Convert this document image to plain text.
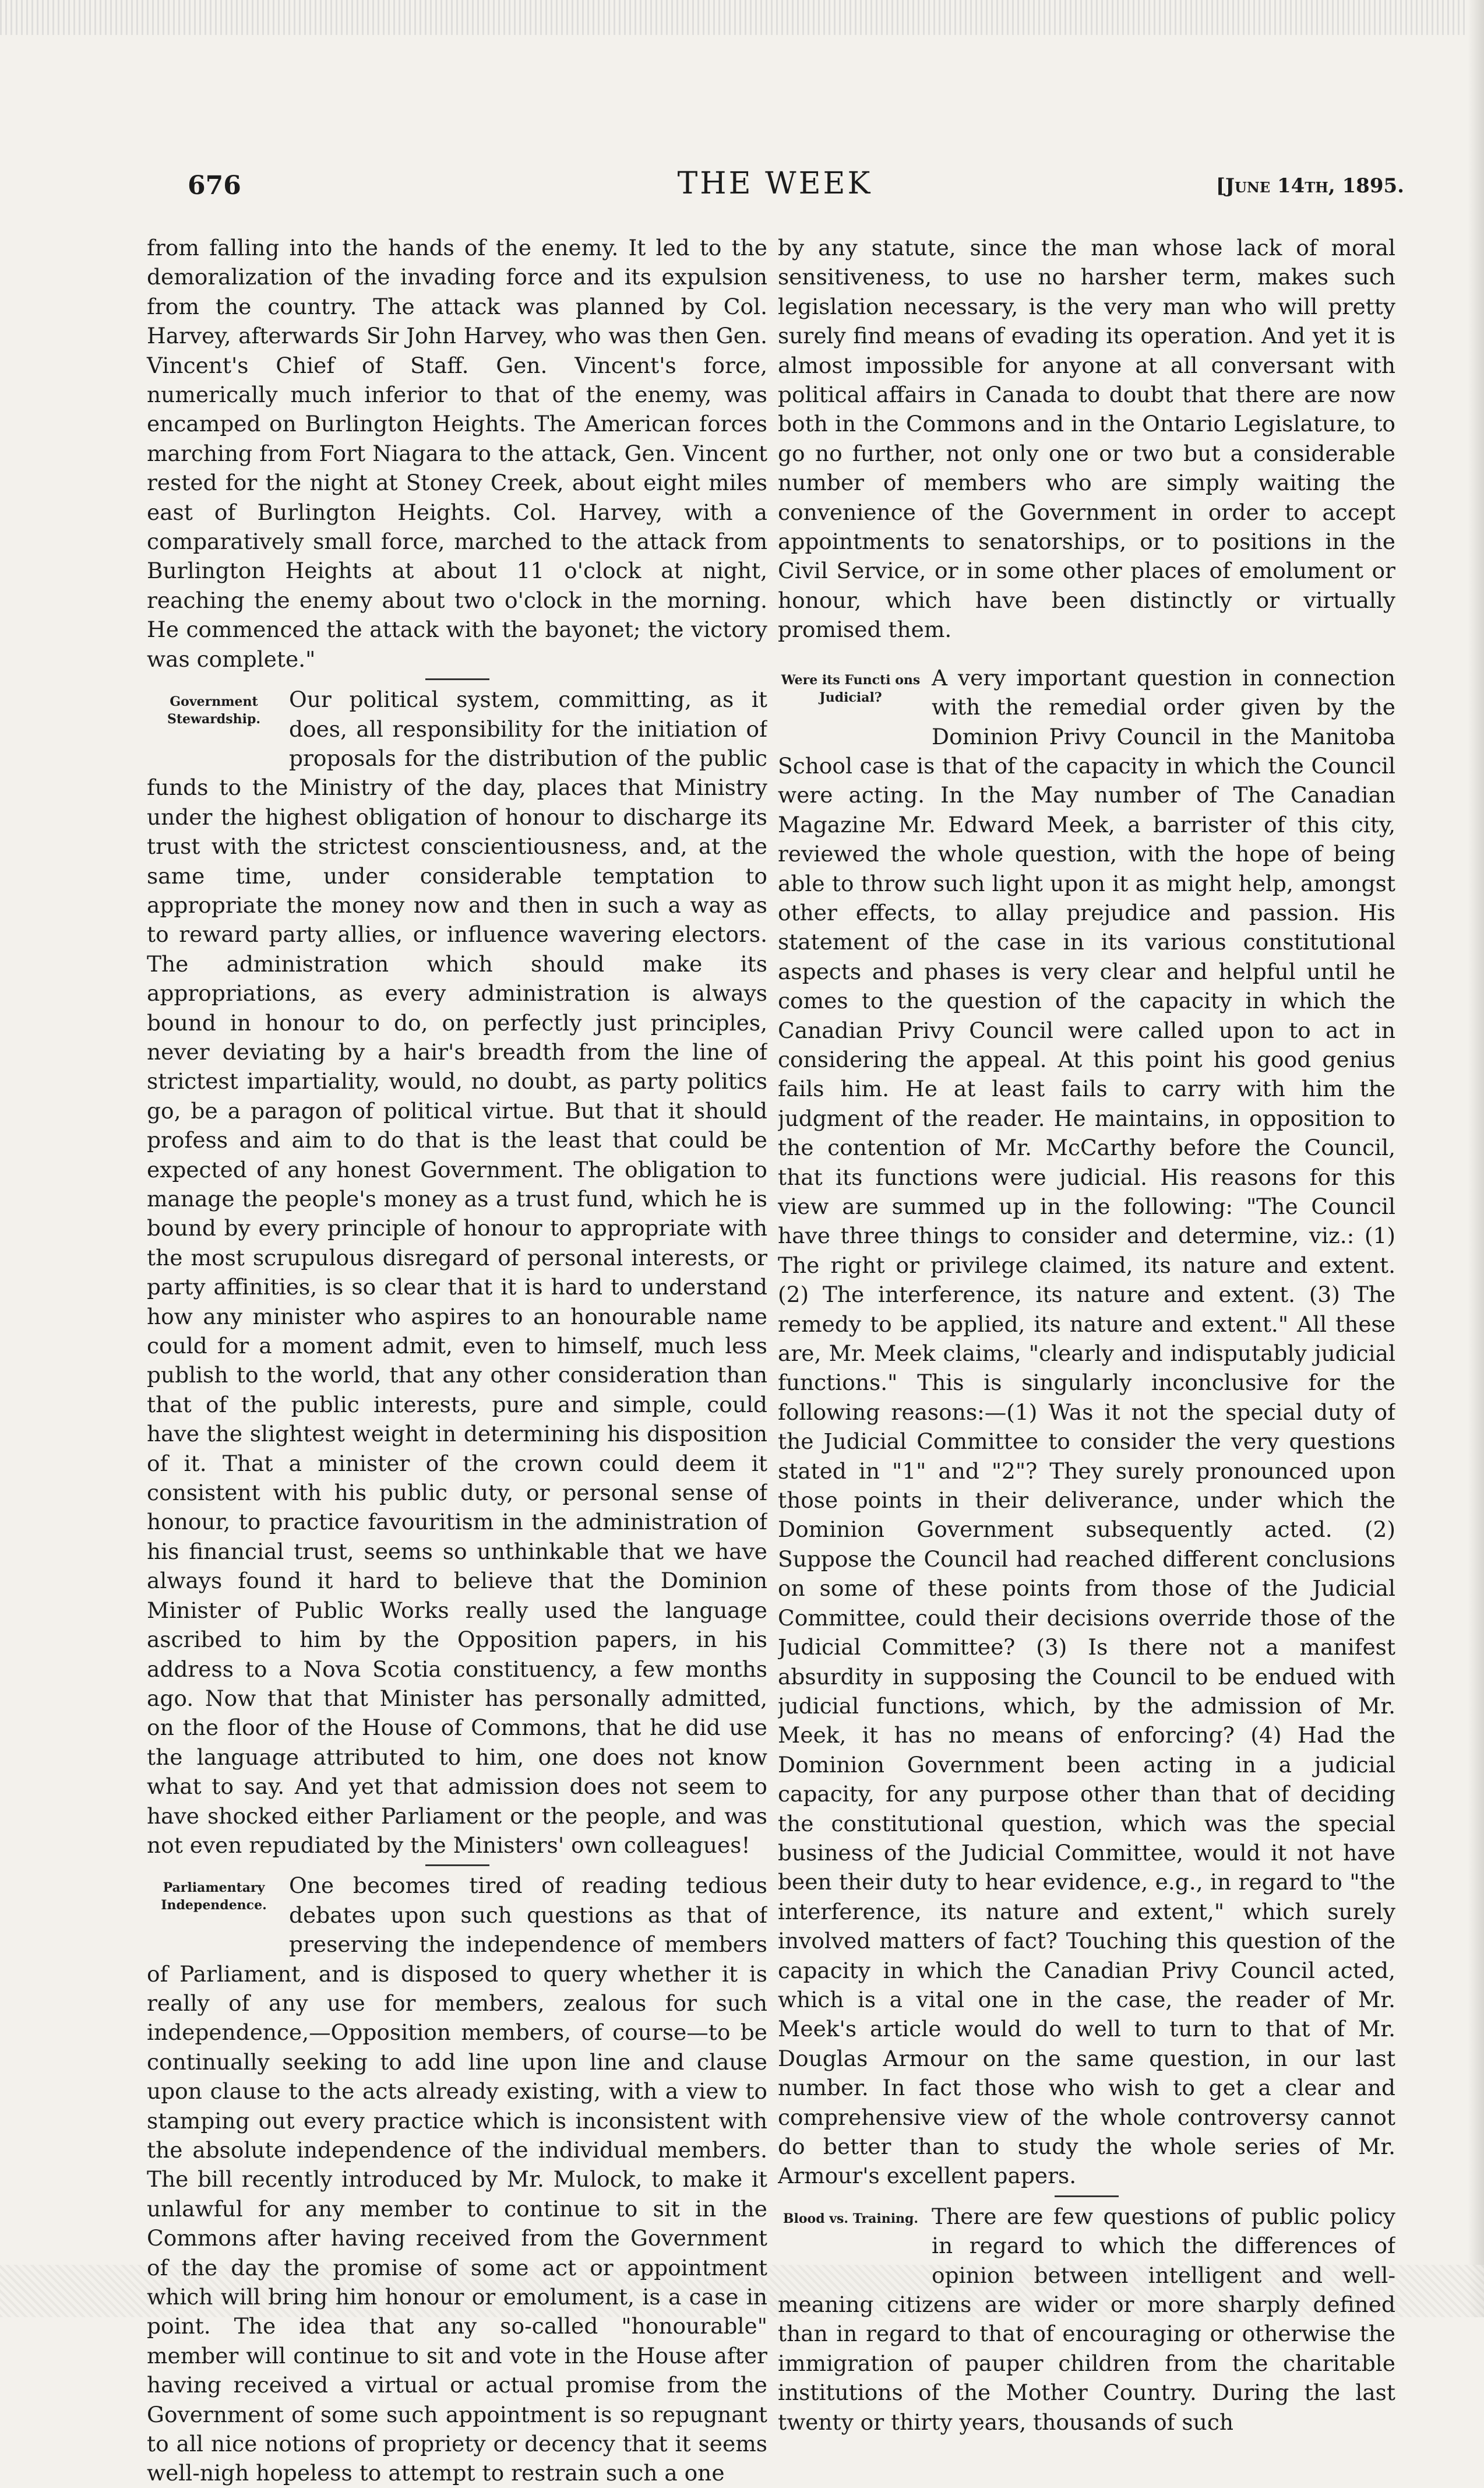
676	THE WEEK	[June 14th, 1895.

from falling into the hands of the enemy. It led to the demoralization of the invading force and its expulsion from the country. The attack was planned by Col. Harvey, afterwards Sir John Harvey, who was then Gen. Vincent's Chief of Staff. Gen. Vincent's force, numerically much inferior to that of the enemy, was encamped on Burlington Heights. The American forces marching from Fort Niagara to the attack, Gen. Vincent rested for the night at Stoney Creek, about eight miles east of Burlington Heights. Col. Harvey, with a comparatively small force, marched to the attack from Burlington Heights at about 11 o'clock at night, reaching the enemy about two o'clock in the morning. He commenced the attack with the bayonet; the victory was complete."

Government Stewardship.

Our political system, committing, as it does, all responsibility for the initiation of proposals for the distribution of the public funds to the Ministry of the day, places that Ministry under the highest obligation of honour to discharge its trust with the strictest conscientiousness, and, at the same time, under considerable temptation to appropriate the money now and then in such a way as to reward party allies, or influence wavering electors. The administration which should make its appropriations, as every administration is always bound in honour to do, on perfectly just principles, never deviating by a hair's breadth from the line of strictest impartiality, would, no doubt, as party politics go, be a paragon of political virtue. But that it should profess and aim to do that is the least that could be expected of any honest Government. The obligation to manage the people's money as a trust fund, which he is bound by every principle of honour to appropriate with the most scrupulous disregard of personal interests, or party affinities, is so clear that it is hard to understand how any minister who aspires to an honourable name could for a moment admit, even to himself, much less publish to the world, that any other consideration than that of the public interests, pure and simple, could have the slightest weight in determining his disposition of it. That a minister of the crown could deem it consistent with his public duty, or personal sense of honour, to practice favouritism in the administration of his financial trust, seems so unthinkable that we have always found it hard to believe that the Dominion Minister of Public Works really used the language ascribed to him by the Opposition papers, in his address to a Nova Scotia constituency, a few months ago. Now that that Minister has personally admitted, on the floor of the House of Commons, that he did use the language attributed to him, one does not know what to say. And yet that admission does not seem to have shocked either Parliament or the people, and was not even repudiated by the Ministers' own colleagues!

Parliamentary Independence.

One becomes tired of reading tedious debates upon such questions as that of preserving the independence of members of Parliament, and is disposed to query whether it is really of any use for members, zealous for such independence,—Opposition members, of course—to be continually seeking to add line upon line and clause upon clause to the acts already existing, with a view to stamping out every practice which is inconsistent with the absolute independence of the individual members. The bill recently introduced by Mr. Mulock, to make it unlawful for any member to continue to sit in the Commons after having received from the Government of the day the promise of some act or appointment which will bring him honour or emolument, is a case in point. The idea that any so-called "honourable" member will continue to sit and vote in the House after having received a virtual or actual promise from the Government of some such appointment is so repugnant to all nice notions of propriety or decency that it seems well-nigh hopeless to attempt to restrain such a one

by any statute, since the man whose lack of moral sensitiveness, to use no harsher term, makes such legislation necessary, is the very man who will pretty surely find means of evading its operation. And yet it is almost impossible for anyone at all conversant with political affairs in Canada to doubt that there are now both in the Commons and in the Ontario Legislature, to go no further, not only one or two but a considerable number of members who are simply waiting the convenience of the Government in order to accept appointments to senatorships, or to positions in the Civil Service, or in some other places of emolument or honour, which have been distinctly or virtually promised them.

Were its Functi ons Judicial?

A very important question in connection with the remedial order given by the Dominion Privy Council in the Manitoba School case is that of the capacity in which the Council were acting. In the May number of The Canadian Magazine Mr. Edward Meek, a barrister of this city, reviewed the whole question, with the hope of being able to throw such light upon it as might help, amongst other effects, to allay prejudice and passion. His statement of the case in its various constitutional aspects and phases is very clear and helpful until he comes to the question of the capacity in which the Canadian Privy Council were called upon to act in considering the appeal. At this point his good genius fails him. He at least fails to carry with him the judgment of the reader. He maintains, in opposition to the contention of Mr. McCarthy before the Council, that its functions were judicial. His reasons for this view are summed up in the following: "The Council have three things to consider and determine, viz.: (1) The right or privilege claimed, its nature and extent. (2) The interference, its nature and extent. (3) The remedy to be applied, its nature and extent." All these are, Mr. Meek claims, "clearly and indisputably judicial functions." This is singularly inconclusive for the following reasons:—(1) Was it not the special duty of the Judicial Committee to consider the very questions stated in "1" and "2"? They surely pronounced upon those points in their deliverance, under which the Dominion Government subsequently acted. (2) Suppose the Council had reached different conclusions on some of these points from those of the Judicial Committee, could their decisions override those of the Judicial Committee? (3) Is there not a manifest absurdity in supposing the Council to be endued with judicial functions, which, by the admission of Mr. Meek, it has no means of enforcing? (4) Had the Dominion Government been acting in a judicial capacity, for any purpose other than that of deciding the constitutional question, which was the special business of the Judicial Committee, would it not have been their duty to hear evidence, e.g., in regard to "the interference, its nature and extent," which surely involved matters of fact? Touching this question of the capacity in which the Canadian Privy Council acted, which is a vital one in the case, the reader of Mr. Meek's article would do well to turn to that of Mr. Douglas Armour on the same question, in our last number. In fact those who wish to get a clear and comprehensive view of the whole controversy cannot do better than to study the whole series of Mr. Armour's excellent papers.

Blood vs. Training. There are few questions of public policy in regard to which the differences of opinion between intelligent and well-meaning citizens are wider or more sharply defined than in regard to that of encouraging or otherwise the immigration of pauper children from the charitable institutions of the Mother Country. During the last twenty or thirty years, thousands of such
